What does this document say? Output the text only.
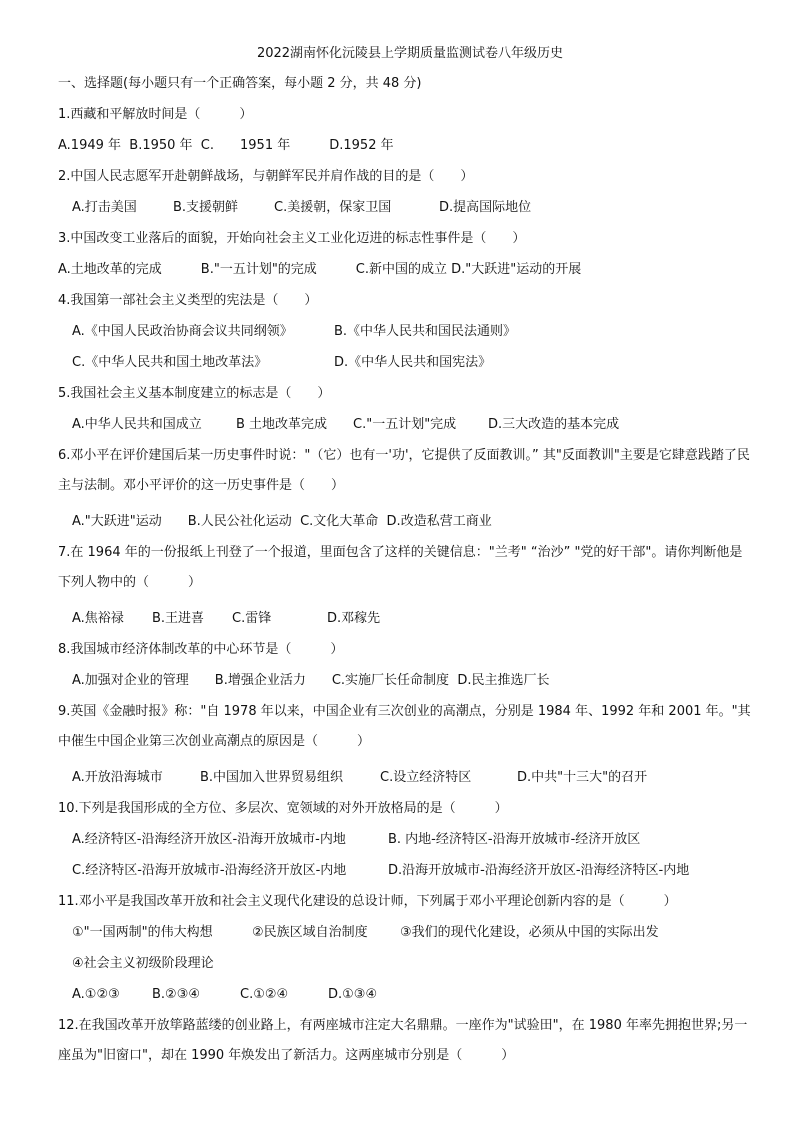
2022湖南怀化沅陵县上学期质量监测试卷八年级历史
一、选择题(每小题只有一个正确答案，每小题 2 分，共 48 分)
1.西藏和平解放时间是（　　　）
A.1949 年  B.1950 年  C.　　1951 年　　　D.1952 年
2.中国人民志愿军开赴朝鲜战场，与朝鲜军民并肩作战的目的是（　　）
A.打击美国	B.支援朝鲜	C.美援朝，保家卫国	D.提高国际地位
3.中国改变工业落后的面貌，开始向社会主义工业化迈进的标志性事件是（　　）
A.土地改革的完成　　　B."一五计划"的完成　　　C.新中国的成立 D."大跃进"运动的开展
4.我国第一部社会主义类型的宪法是（　　）
A.《中国人民政治协商会议共同纲领》	B.《中华人民共和国民法通则》
C.《中华人民共和国土地改革法》	D.《中华人民共和国宪法》
5.我国社会主义基本制度建立的标志是（　　）
A.中华人民共和国成立	B 土地改革完成	C."一五计划"完成	D.三大改造的基本完成
6.邓小平在评价建国后某一历史事件时说："（它）也有一'功'，它提供了反面教训。” 其"反面教训"主要是它肆意践踏了民主与法制。邓小平评价的这一历史事件是（　　）
A."大跃进"运动　　B.人民公社化运动  C.文化大革命  D.改造私营工商业
7.在 1964 年的一份报纸上刊登了一个报道，里面包含了这样的关键信息："兰考" “治沙” "党的好干部"。请你判断他是下列人物中的（　　　）
A.焦裕禄	B.王进喜	C.雷锋	D.邓稼先
8.我国城市经济体制改革的中心环节是（　　　）
A.加强对企业的管理　　B.增强企业活力　　C.实施厂长任命制度  D.民主推选厂长
9.英国《金融时报》称："自 1978 年以来，中国企业有三次创业的高潮点，分别是 1984 年、1992 年和 2001 年。"其中催生中国企业第三次创业高潮点的原因是（　　　）
A.开放沿海城市	B.中国加入世界贸易组织	C.设立经济特区	D.中共"十三大"的召开
10.下列是我国形成的全方位、多层次、宽领域的对外开放格局的是（　　　）
A.经济特区-沿海经济开放区-沿海开放城市-内地	B. 内地-经济特区-沿海开放城市-经济开放区
C.经济特区-沿海开放城市-沿海经济开放区-内地	D.沿海开放城市-沿海经济开放区-沿海经济特区-内地
11.邓小平是我国改革开放和社会主义现代化建设的总设计师，下列属于邓小平理论创新内容的是（　　　）
①"一国两制"的伟大构想	②民族区域自治制度	③我们的现代化建设，必须从中国的实际出发
④社会主义初级阶段理论
A.①②③	B.②③④	C.①②④	D.①③④
12.在我国改革开放筚路蓝缕的创业路上，有两座城市注定大名鼎鼎。一座作为"试验田"，在 1980 年率先拥抱世界;另一座虽为"旧窗口"，却在 1990 年焕发出了新活力。这两座城市分别是（　　　）
